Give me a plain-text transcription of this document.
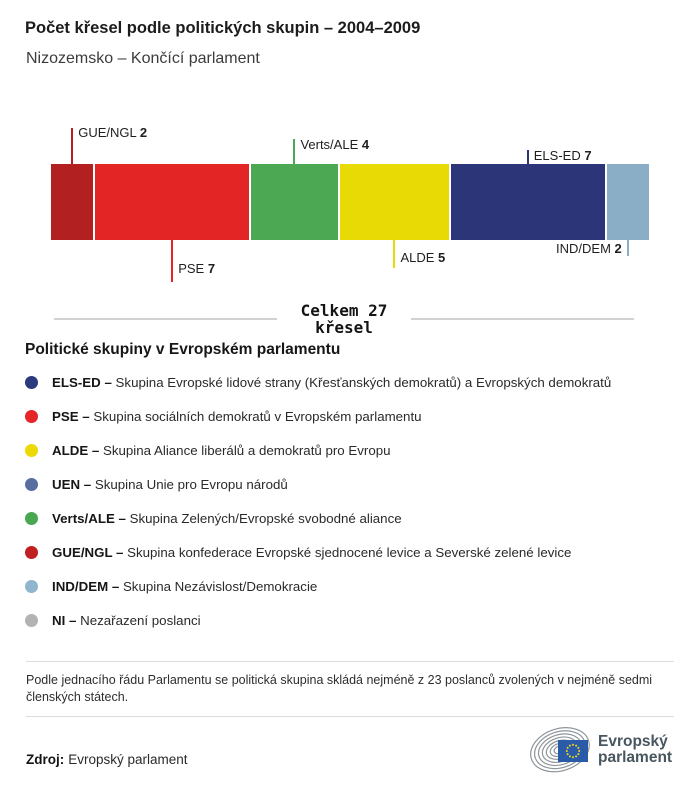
Počet křesel podle politických skupin – 2004–2009
Nizozemsko – Končící parlament
GUE/NGL 2
PSE 7
Verts/ALE 4
ALDE 5
ELS-ED 7
IND/DEM 2
Celkem 27
křesel
Politické skupiny v Evropském parlamentu
ELS-ED – Skupina Evropské lidové strany (Křesťanských demokratů) a Evropských demokratů
PSE – Skupina sociálních demokratů v Evropském parlamentu
ALDE – Skupina Aliance liberálů a demokratů pro Evropu
UEN – Skupina Unie pro Evropu národů
Verts/ALE – Skupina Zelených/Evropské svobodné aliance
GUE/NGL – Skupina konfederace Evropské sjednocené levice a Severské zelené levice
IND/DEM – Skupina Nezávislost/Demokracie
NI – Nezařazení poslanci
Podle jednacího řádu Parlamentu se politická skupina skládá nejméně z 23 poslanců zvolených v nejméně sedmi členských státech.
Zdroj: Evropský parlament
Evropský
parlament
